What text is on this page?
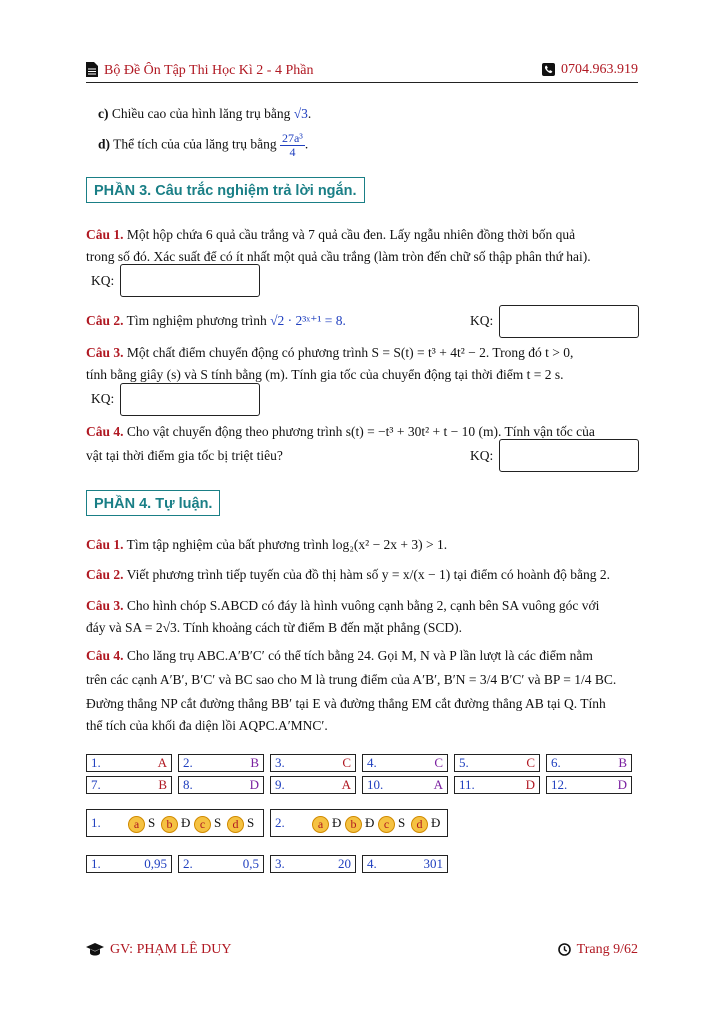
Bộ Đề Ôn Tập Thi Học Kì 2 - 4 Phần	0704.963.919
c) Chiều cao của hình lăng trụ bằng √3.
d) Thể tích của của lăng trụ bằng $\frac{\text{27a³}}{4}$ .
PHẦN 3. Câu trắc nghiệm trả lời ngắn.
Câu 1. Một hộp chứa 6 quả cầu trắng và 7 quả cầu đen. Lấy ngẫu nhiên đồng thời bốn quả
trong số đó. Xác suất để có ít nhất một quả cầu trắng (làm tròn đến chữ số thập phân thứ hai).
KQ:
Câu 2. Tìm nghiệm phương trình √2 · 2³ˣ⁺¹ = 8.	KQ:
Câu 3. Một chất điểm chuyển động có phương trình S = S(t) = t³ + 4t² − 2. Trong đó t > 0,
tính bằng giây (s) và S tính bằng (m). Tính gia tốc của chuyển động tại thời điểm t = 2 s.
KQ:
Câu 4. Cho vật chuyển động theo phương trình s(t) = −t³ + 30t² + t − 10 (m). Tính vận tốc của
vật tại thời điểm gia tốc bị triệt tiêu?	KQ:
PHẦN 4. Tự luận.
Câu 1. Tìm tập nghiệm của bất phương trình log₂(x² − 2x + 3) > 1.
Câu 2. Viết phương trình tiếp tuyến của đồ thị hàm số y = x/(x − 1) tại điểm có hoành độ bằng 2.
Câu 3. Cho hình chóp S.ABCD có đáy là hình vuông cạnh bằng 2, cạnh bên SA vuông góc với
đáy và SA = 2√3. Tính khoảng cách từ điểm B đến mặt phẳng (SCD).
Câu 4. Cho lăng trụ ABC.A′B′C′ có thể tích bằng 24. Gọi M, N và P lần lượt là các điểm nằm
trên các cạnh A′B′, B′C′ và BC sao cho M là trung điểm của A′B′, B′N = 3/4 B′C′ và BP = 1/4 BC.
Đường thẳng NP cắt đường thẳng BB′ tại E và đường thẳng EM cắt đường thẳng AB tại Q. Tính
thể tích của khối đa diện lồi AQPC.A′MNC′.
1.	A 2.	B 3.	C 4.	C 5.	C 6.	B
7.	B 8.	D 9.	A 10.	A 11.	D 12.	D
1.	a S b Đ c S d S 2.	a Đ b Đ c S d Đ
1.	0,95 2.	0,5 3.	20 4.	301
GV: PHẠM LÊ DUY	Trang 9/62
